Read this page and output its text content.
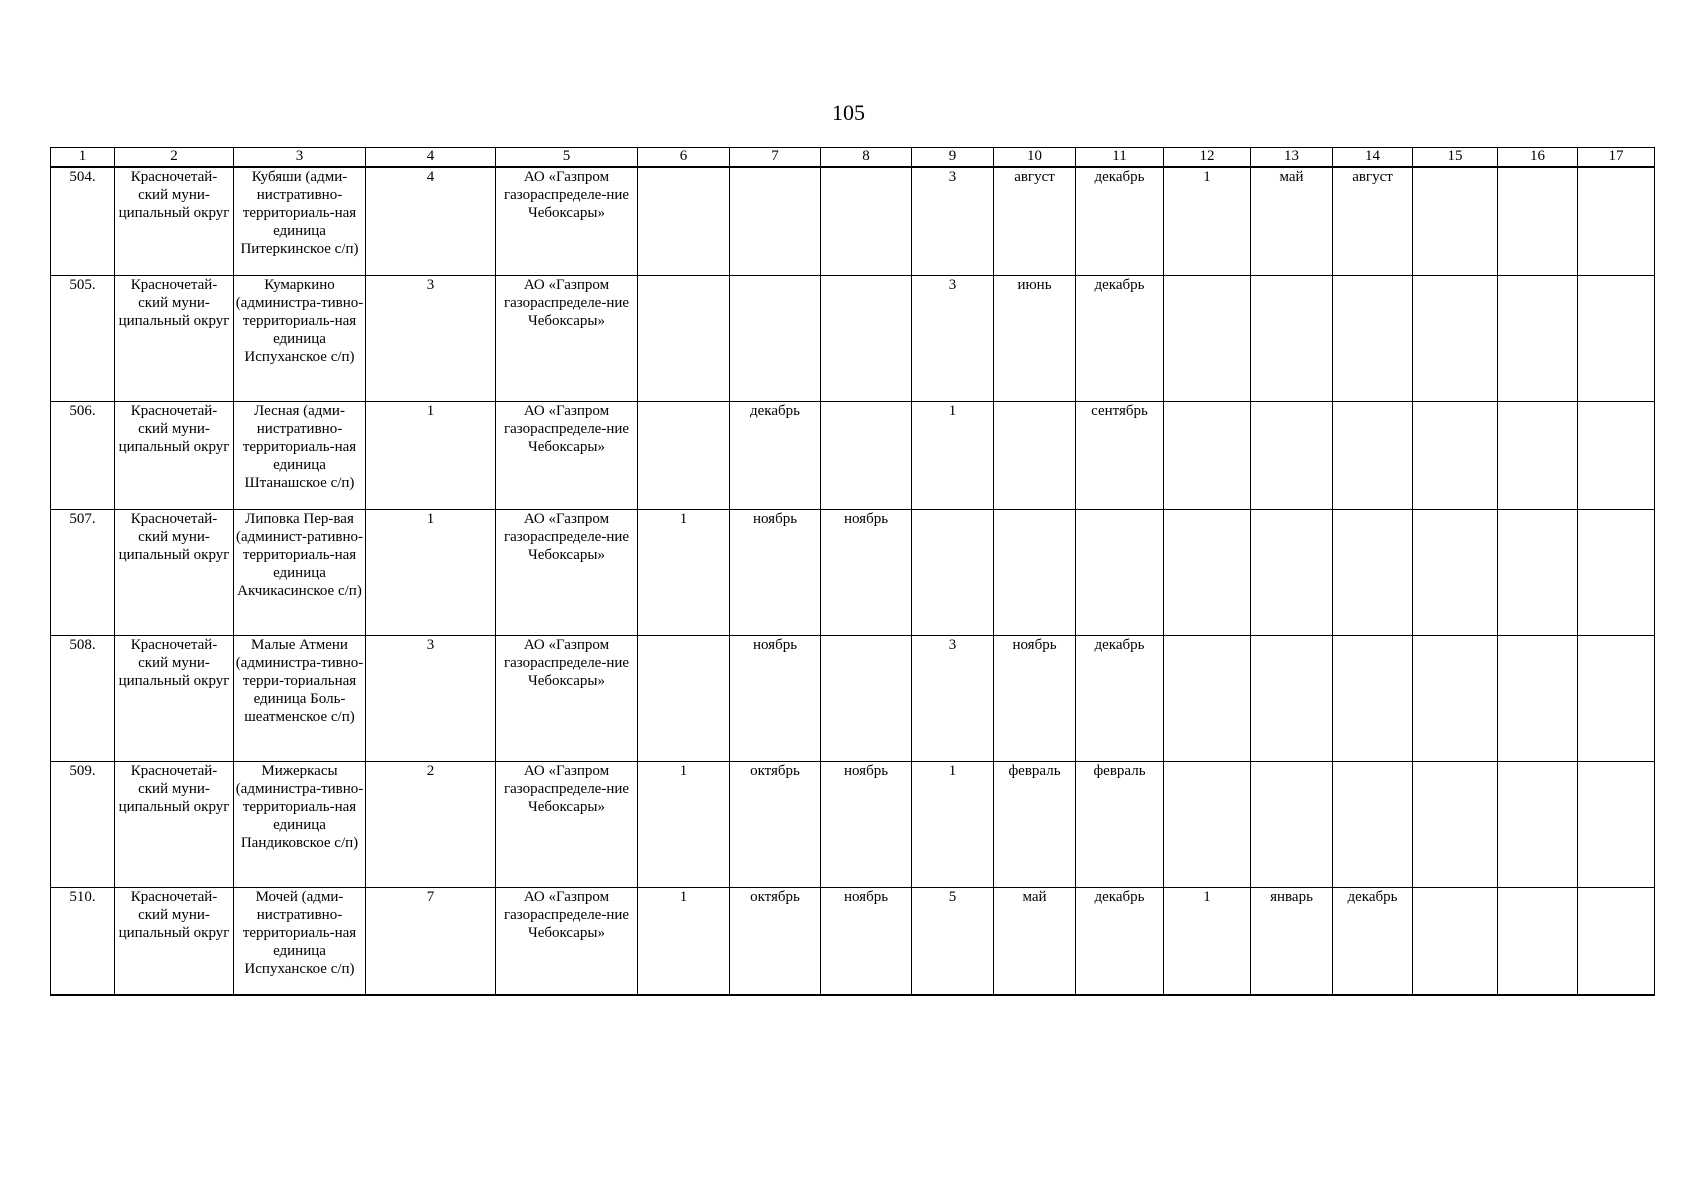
105
1	2	3	4	5	6	7	8	9	10	11	12	13	14	15	16	17
504.	Красночетай-ский муни-ципальный округ	Кубяши (адми-нистративно-территориаль-ная единица Питеркинское с/п)	4	АО «Газпром газораспределе-ние Чебоксары»				3	август	декабрь	1	май	август			
505.	Красночетай-ский муни-ципальный округ	Кумаркино (администра-тивно-территориаль-ная единица Испуханское с/п)	3	АО «Газпром газораспределе-ние Чебоксары»				3	июнь	декабрь						
506.	Красночетай-ский муни-ципальный округ	Лесная (адми-нистративно-территориаль-ная единица Штанашское с/п)	1	АО «Газпром газораспределе-ние Чебоксары»		декабрь		1		сентябрь						
507.	Красночетай-ский муни-ципальный округ	Липовка Пер-вая (админист-ративно-территориаль-ная единица Акчикасинское с/п)	1	АО «Газпром газораспределе-ние Чебоксары»	1	ноябрь	ноябрь									
508.	Красночетай-ский муни-ципальный округ	Малые Атмени (администра-тивно-терри-ториальная единица Боль-шеатменское с/п)	3	АО «Газпром газораспределе-ние Чебоксары»		ноябрь		3	ноябрь	декабрь						
509.	Красночетай-ский муни-ципальный округ	Мижеркасы (администра-тивно-территориаль-ная единица Пандиковское с/п)	2	АО «Газпром газораспределе-ние Чебоксары»	1	октябрь	ноябрь	1	февраль	февраль						
510.	Красночетай-ский муни-ципальный округ	Мочей (адми-нистративно-территориаль-ная единица Испуханское с/п)	7	АО «Газпром газораспределе-ние Чебоксары»	1	октябрь	ноябрь	5	май	декабрь	1	январь	декабрь			
